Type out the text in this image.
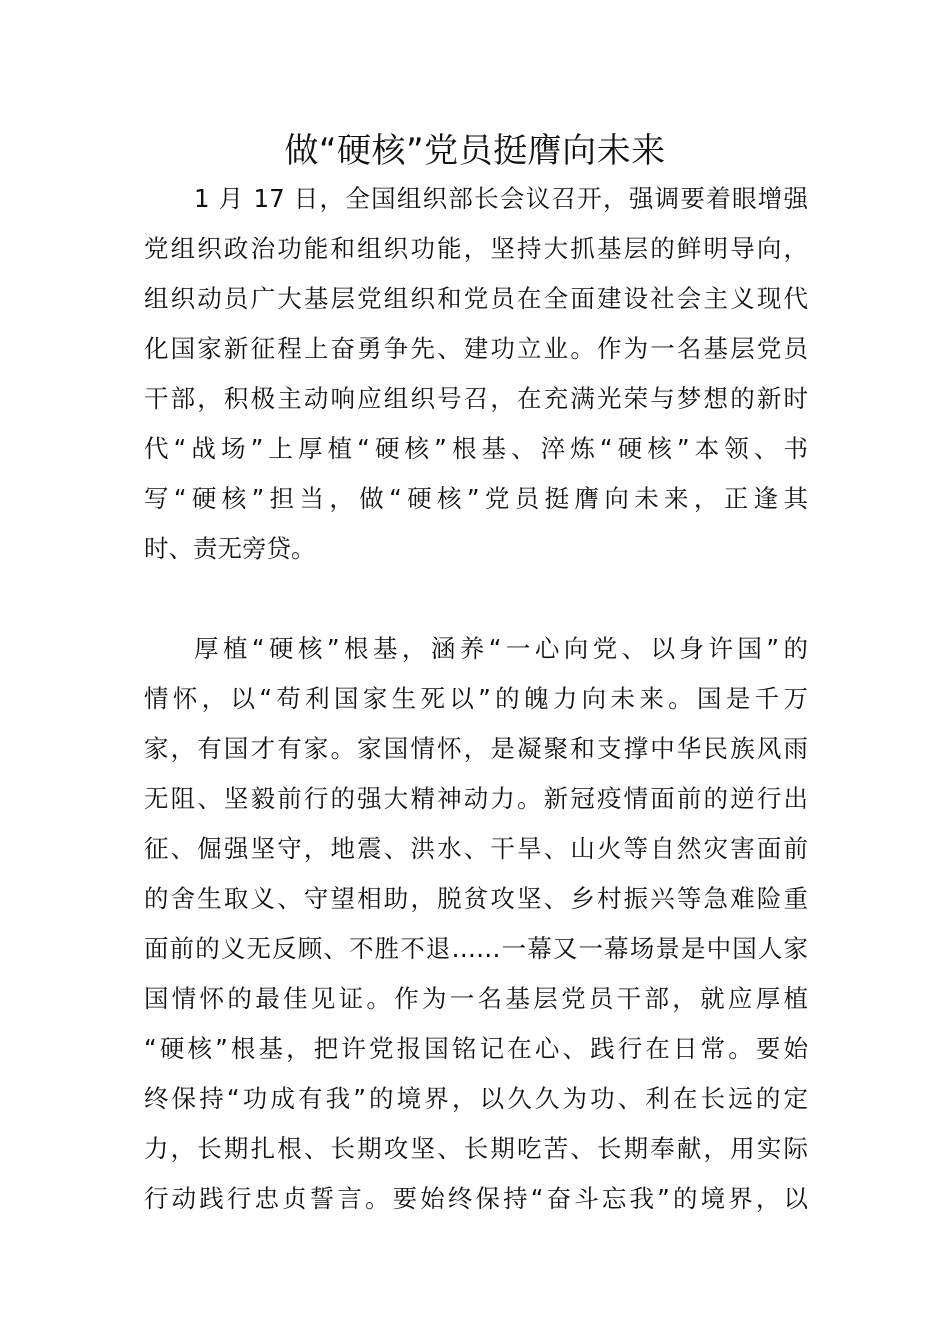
做“硬核”党员挺膺向未来
1 月 17 日，全国组织部长会议召开，强调要着眼增强
党组织政治功能和组织功能，坚持大抓基层的鲜明导向，
组织动员广大基层党组织和党员在全面建设社会主义现代
化国家新征程上奋勇争先、建功立业。作为一名基层党员
干部，积极主动响应组织号召，在充满光荣与梦想的新时
代“战场”上厚植“硬核”根基、淬炼“硬核”本领、书
写“硬核”担当，做“硬核”党员挺膺向未来，正逢其
时、责无旁贷。
厚植“硬核”根基，涵养“一心向党、以身许国”的
情怀，以“苟利国家生死以”的魄力向未来。国是千万
家，有国才有家。家国情怀，是凝聚和支撑中华民族风雨
无阻、坚毅前行的强大精神动力。新冠疫情面前的逆行出
征、倔强坚守，地震、洪水、干旱、山火等自然灾害面前
的舍生取义、守望相助，脱贫攻坚、乡村振兴等急难险重
面前的义无反顾、不胜不退……一幕又一幕场景是中国人家
国情怀的最佳见证。作为一名基层党员干部，就应厚植
“硬核”根基，把许党报国铭记在心、践行在日常。要始
终保持“功成有我”的境界，以久久为功、利在长远的定
力，长期扎根、长期攻坚、长期吃苦、长期奉献，用实际
行动践行忠贞誓言。要始终保持“奋斗忘我”的境界，以
